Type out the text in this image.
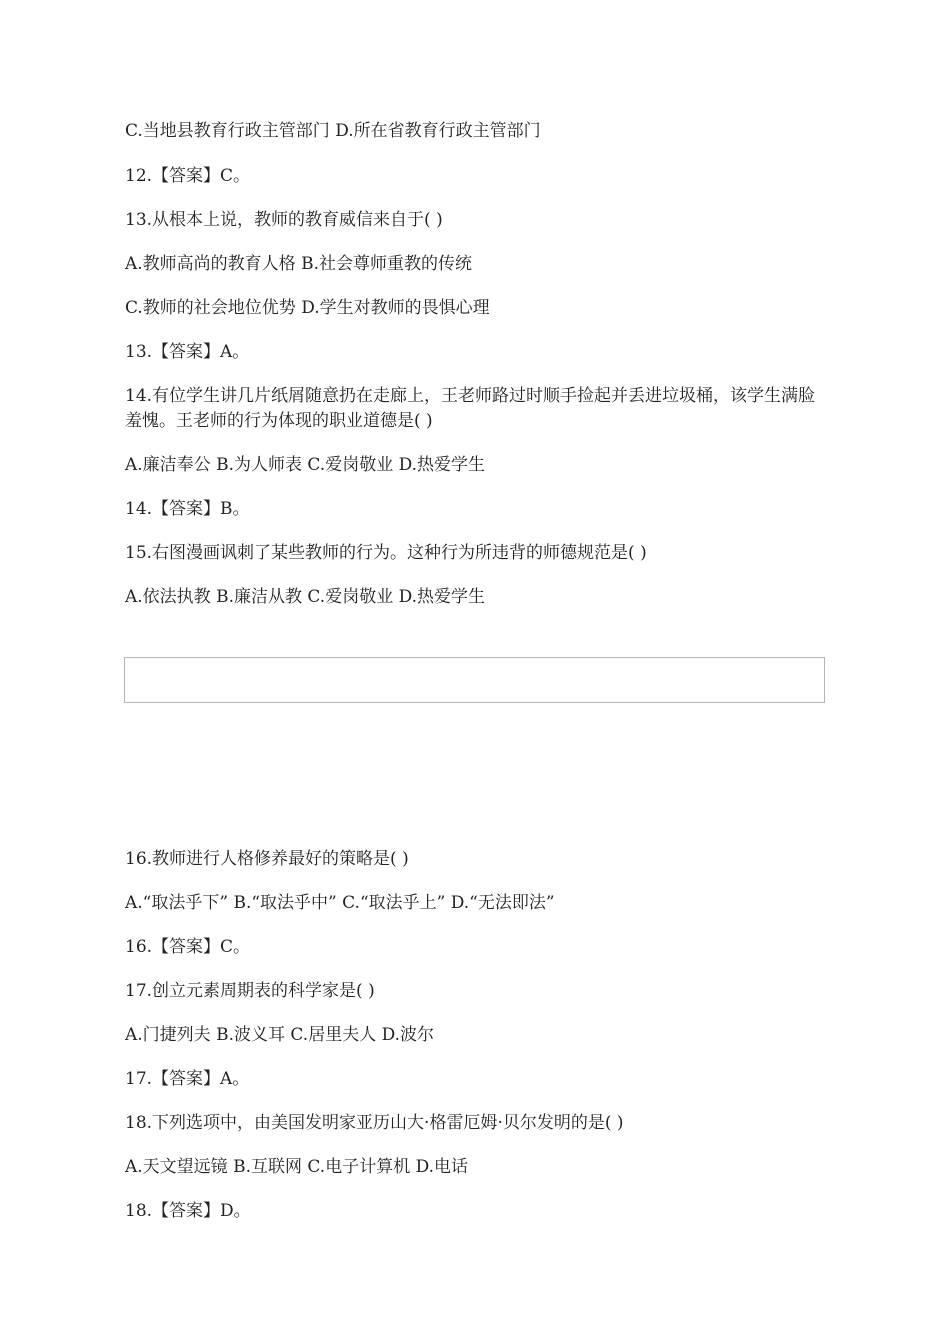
C.当地县教育行政主管部门 D.所在省教育行政主管部门
12.【答案】C。
13.从根本上说，教师的教育威信来自于( )
A.教师高尚的教育人格 B.社会尊师重教的传统
C.教师的社会地位优势 D.学生对教师的畏惧心理
13.【答案】A。
14.有位学生讲几片纸屑随意扔在走廊上，王老师路过时顺手捡起并丢进垃圾桶，该学生满脸羞愧。王老师的行为体现的职业道德是( )
A.廉洁奉公 B.为人师表 C.爱岗敬业 D.热爱学生
14.【答案】B。
15.右图漫画讽刺了某些教师的行为。这种行为所违背的师德规范是( )
A.依法执教 B.廉洁从教 C.爱岗敬业 D.热爱学生
16.教师进行人格修养最好的策略是( )
A.“取法乎下” B.“取法乎中” C.“取法乎上” D.“无法即法”
16.【答案】C。
17.创立元素周期表的科学家是( )
A.门捷列夫 B.波义耳 C.居里夫人 D.波尔
17.【答案】A。
18.下列选项中，由美国发明家亚历山大·格雷厄姆·贝尔发明的是( )
A.天文望远镜 B.互联网 C.电子计算机 D.电话
18.【答案】D。
